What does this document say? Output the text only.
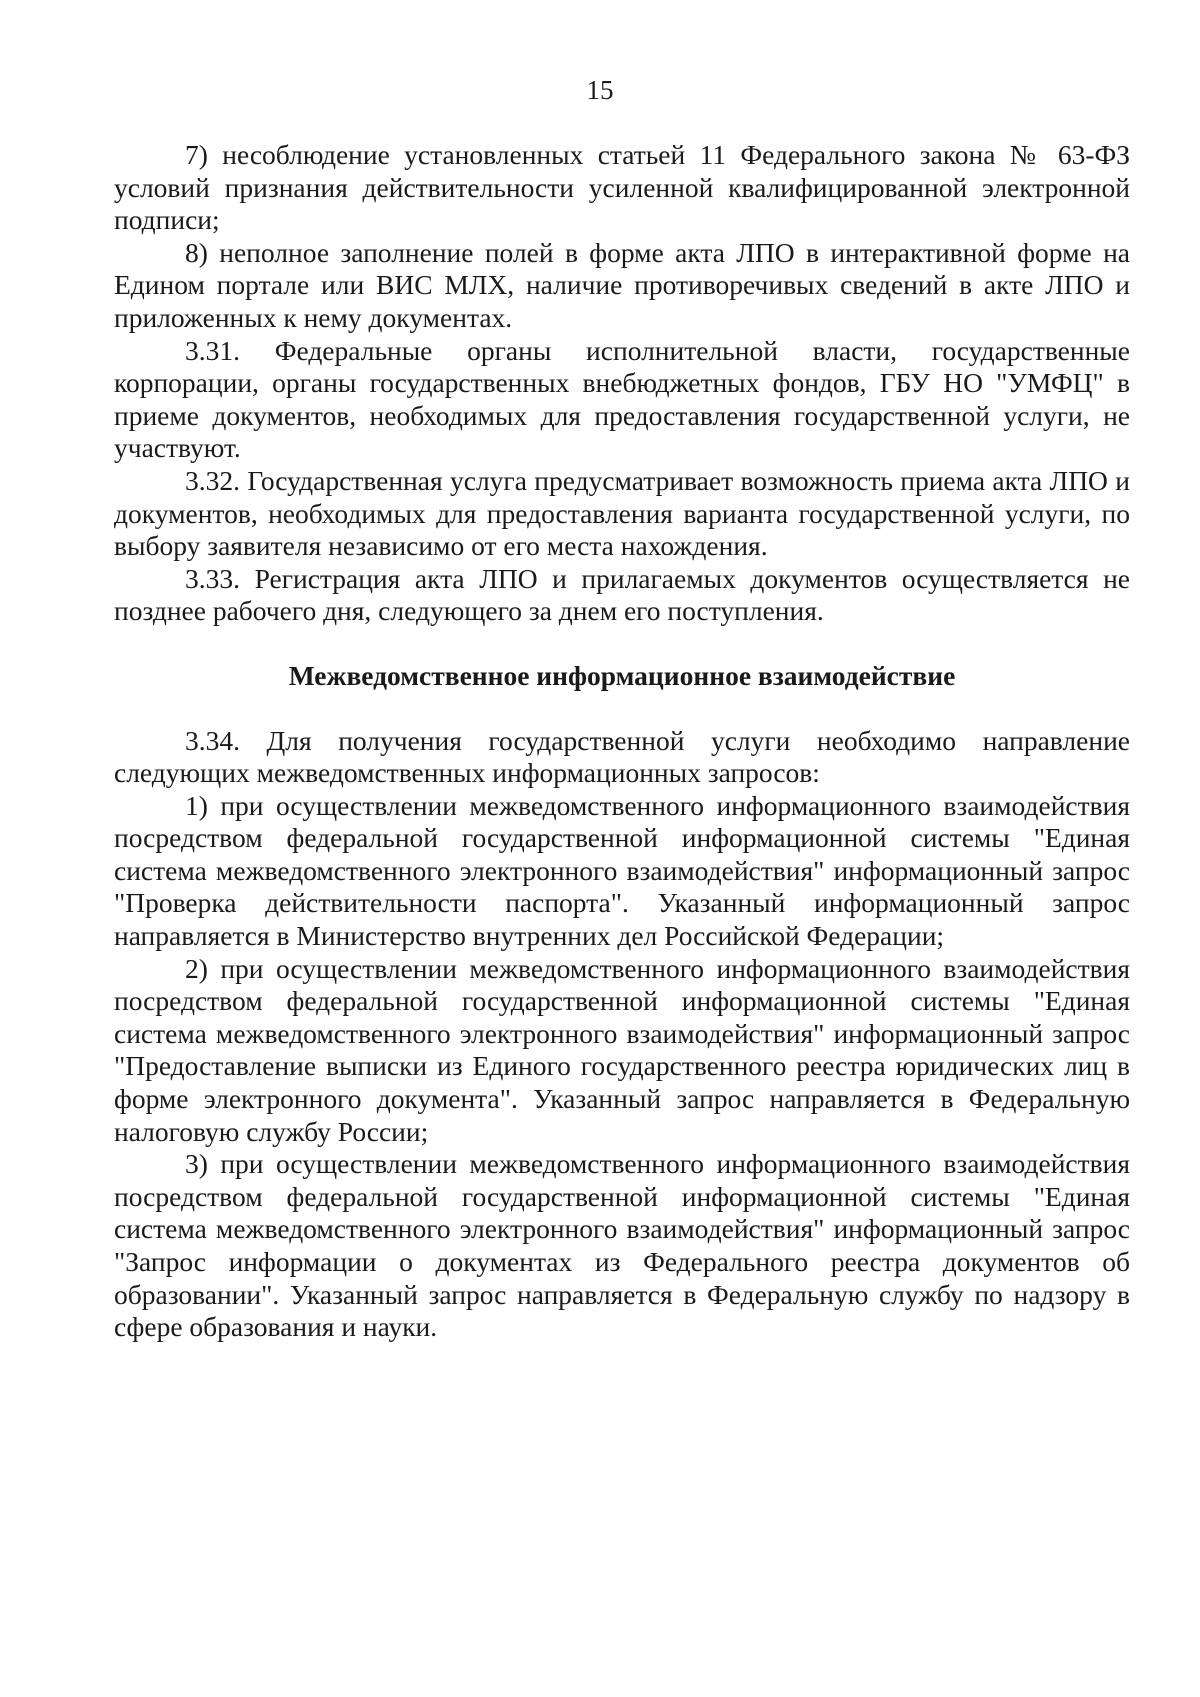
15

7) несоблюдение установленных статьей 11 Федерального закона № 63-ФЗ условий признания действительности усиленной квалифицированной электронной подписи;

8) неполное заполнение полей в форме акта ЛПО в интерактивной форме на Едином портале или ВИС МЛХ, наличие противоречивых сведений в акте ЛПО и приложенных к нему документах.

3.31. Федеральные органы исполнительной власти, государственные корпорации, органы государственных внебюджетных фондов, ГБУ НО "УМФЦ" в приеме документов, необходимых для предоставления государственной услуги, не участвуют.

3.32. Государственная услуга предусматривает возможность приема акта ЛПО и документов, необходимых для предоставления варианта государственной услуги, по выбору заявителя независимо от его места нахождения.

3.33. Регистрация акта ЛПО и прилагаемых документов осуществляется не позднее рабочего дня, следующего за днем его поступления.

Межведомственное информационное взаимодействие

3.34. Для получения государственной услуги необходимо направление следующих межведомственных информационных запросов:

1) при осуществлении межведомственного информационного взаимодействия посредством федеральной государственной информационной системы "Единая система межведомственного электронного взаимодействия" информационный запрос "Проверка действительности паспорта". Указанный информационный запрос направляется в Министерство внутренних дел Российской Федерации;

2) при осуществлении межведомственного информационного взаимодействия посредством федеральной государственной информационной системы "Единая система межведомственного электронного взаимодействия" информационный запрос "Предоставление выписки из Единого государственного реестра юридических лиц в форме электронного документа". Указанный запрос направляется в Федеральную налоговую службу России;

3) при осуществлении межведомственного информационного взаимодействия посредством федеральной государственной информационной системы "Единая система межведомственного электронного взаимодействия" информационный запрос "Запрос информации о документах из Федерального реестра документов об образовании". Указанный запрос направляется в Федеральную службу по надзору в сфере образования и науки.
